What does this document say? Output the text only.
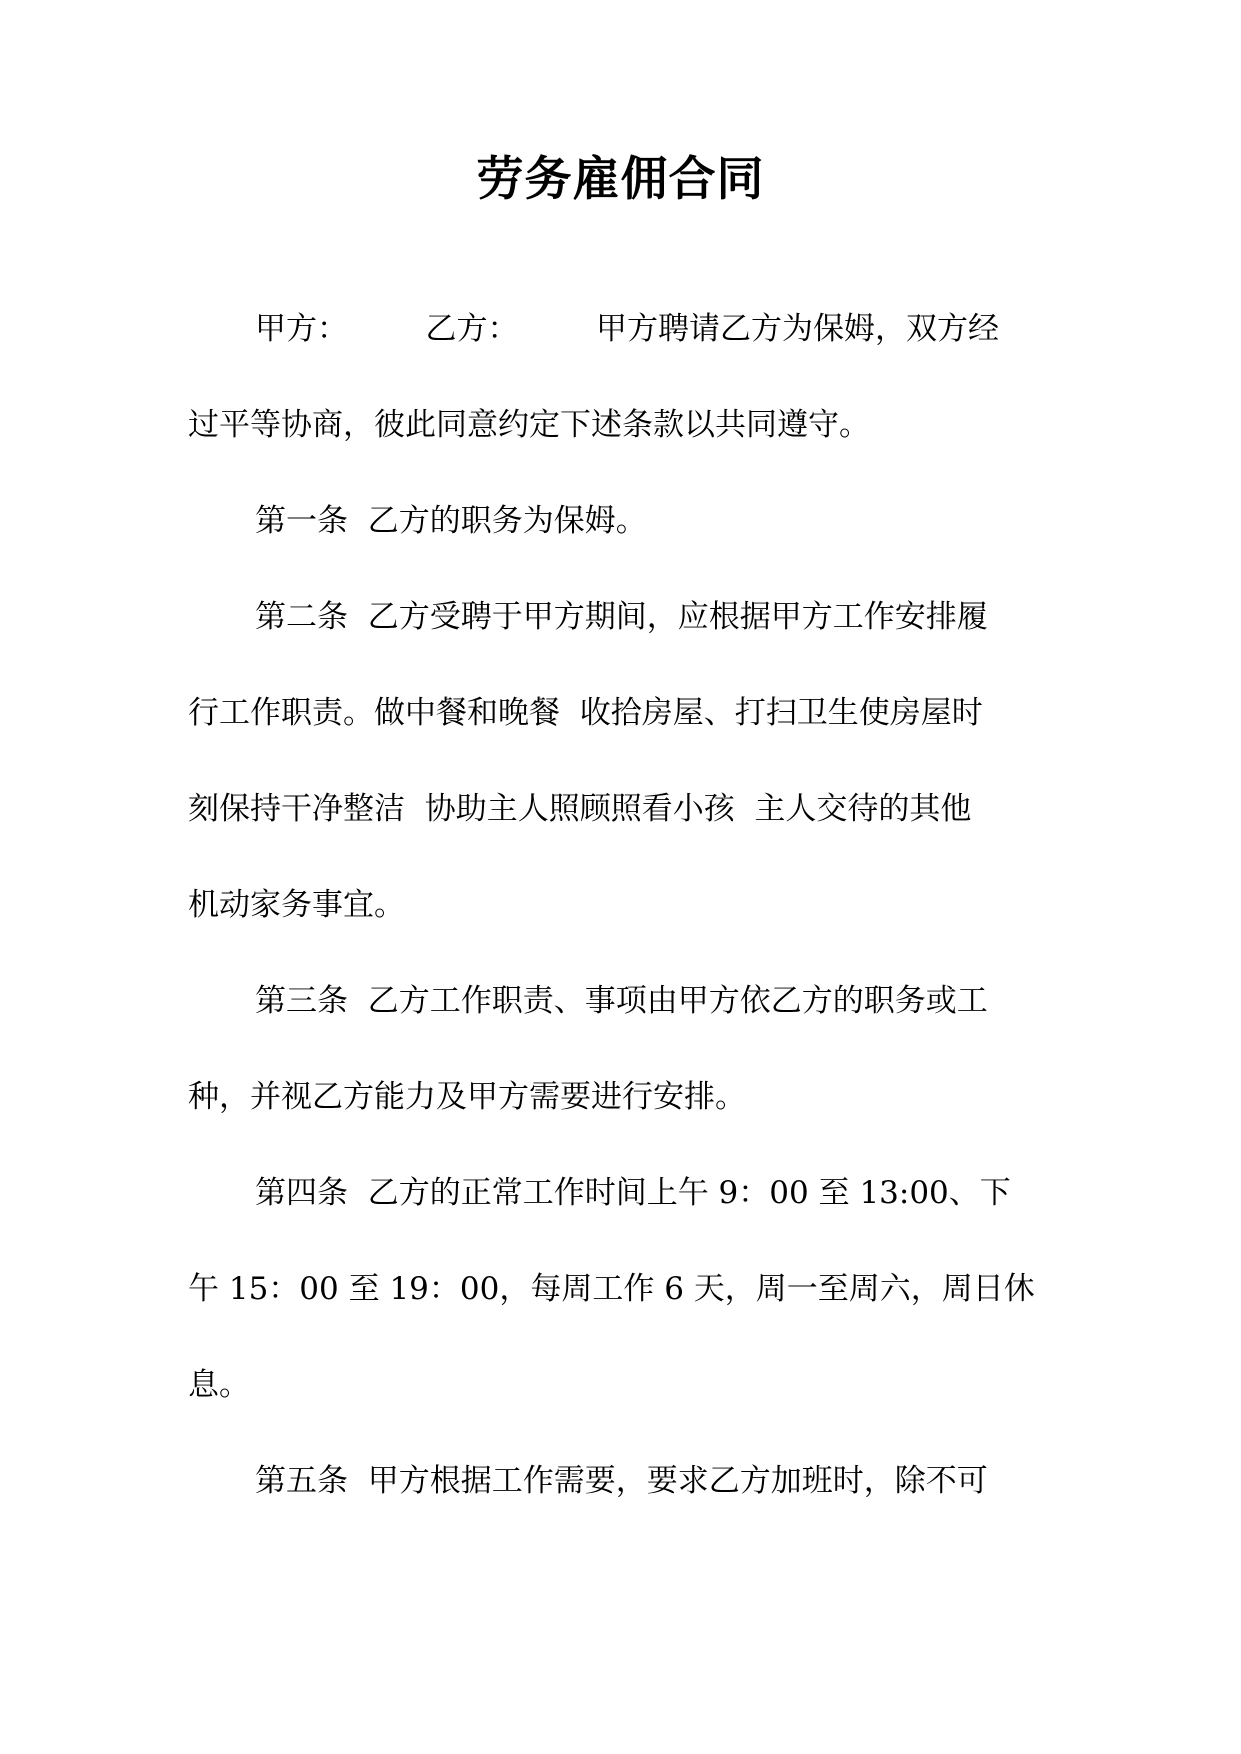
劳务雇佣合同
甲方：　　　乙方：　　　甲方聘请乙方为保姆，双方经
过平等协商，彼此同意约定下述条款以共同遵守。
第一条  乙方的职务为保姆。
第二条  乙方受聘于甲方期间，应根据甲方工作安排履
行工作职责。做中餐和晚餐  收拾房屋、打扫卫生使房屋时
刻保持干净整洁  协助主人照顾照看小孩  主人交待的其他
机动家务事宜。
第三条  乙方工作职责、事项由甲方依乙方的职务或工
种，并视乙方能力及甲方需要进行安排。
第四条  乙方的正常工作时间上午 9：00 至 13:00、下
午 15：00 至 19：00，每周工作 6 天，周一至周六，周日休
息。
第五条  甲方根据工作需要，要求乙方加班时，除不可
